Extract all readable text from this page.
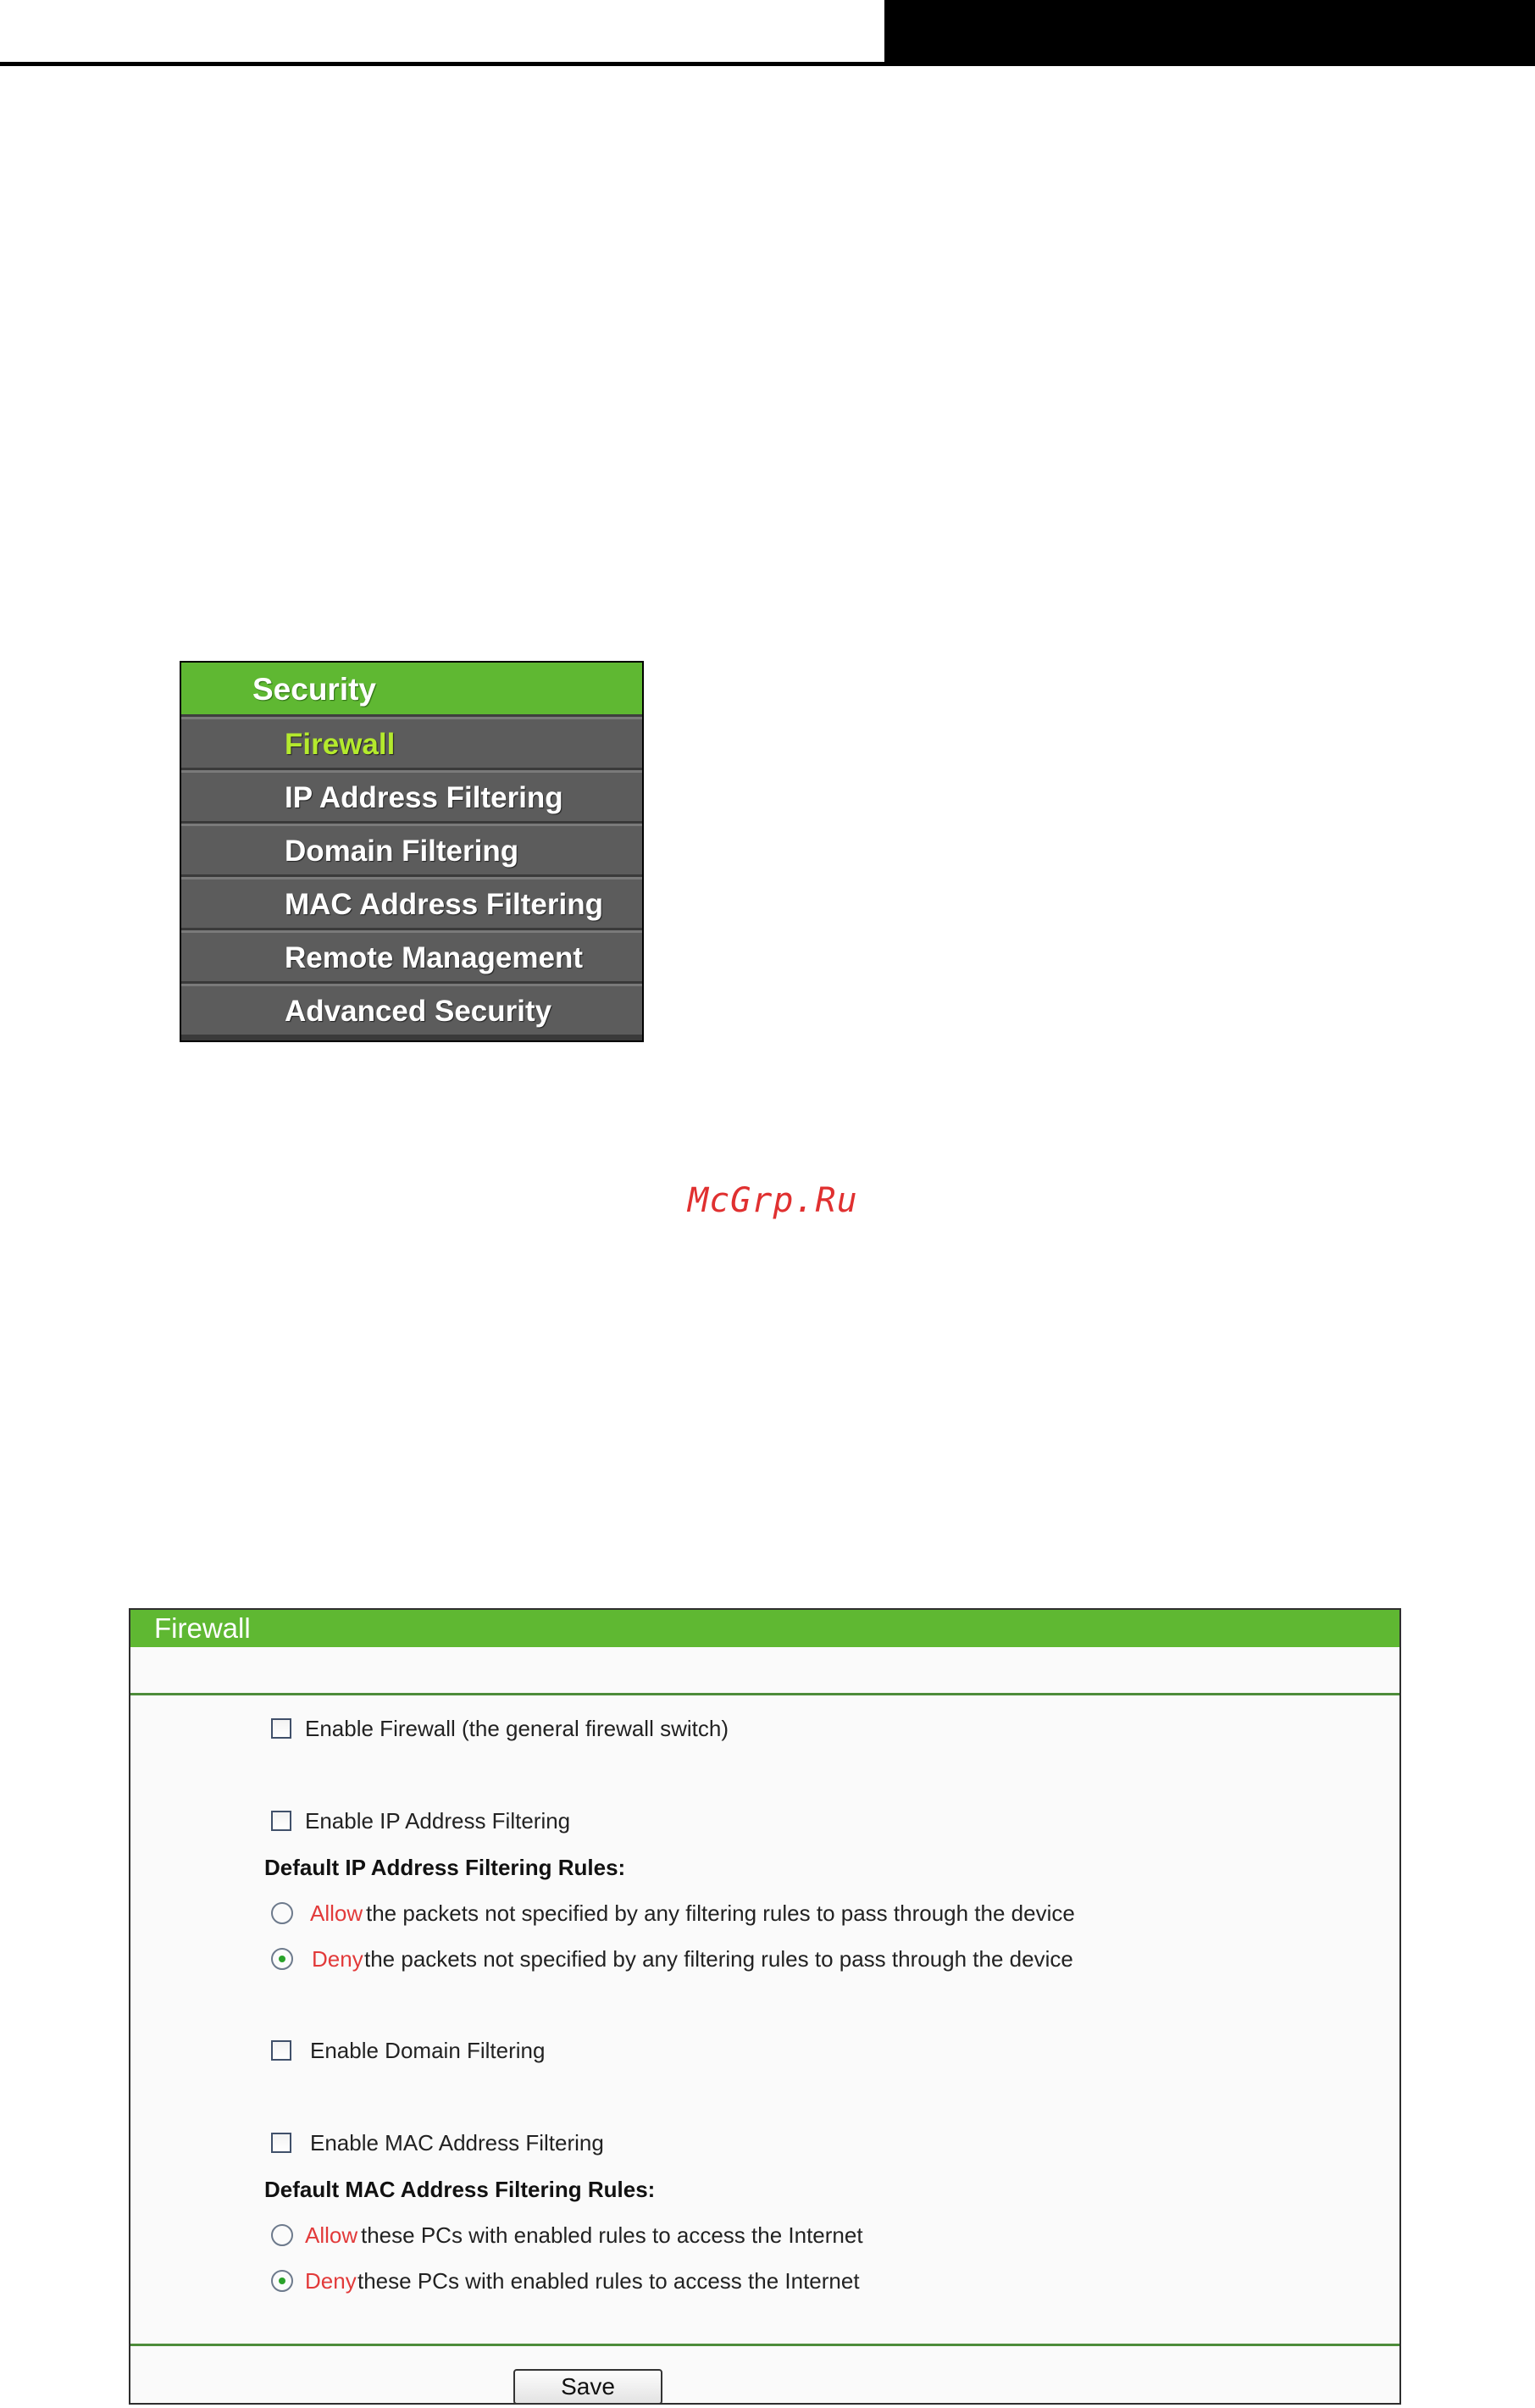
Security
Firewall
IP Address Filtering
Domain Filtering
MAC Address Filtering
Remote Management
Advanced Security
McGrp.Ru
Firewall
Enable Firewall (the general firewall switch)
Enable IP Address Filtering
Default IP Address Filtering Rules:
Allow the packets not specified by any filtering rules to pass through the device
Deny the packets not specified by any filtering rules to pass through the device
Enable Domain Filtering
Enable MAC Address Filtering
Default MAC Address Filtering Rules:
Allow these PCs with enabled rules to access the Internet
Deny these PCs with enabled rules to access the Internet
Save
